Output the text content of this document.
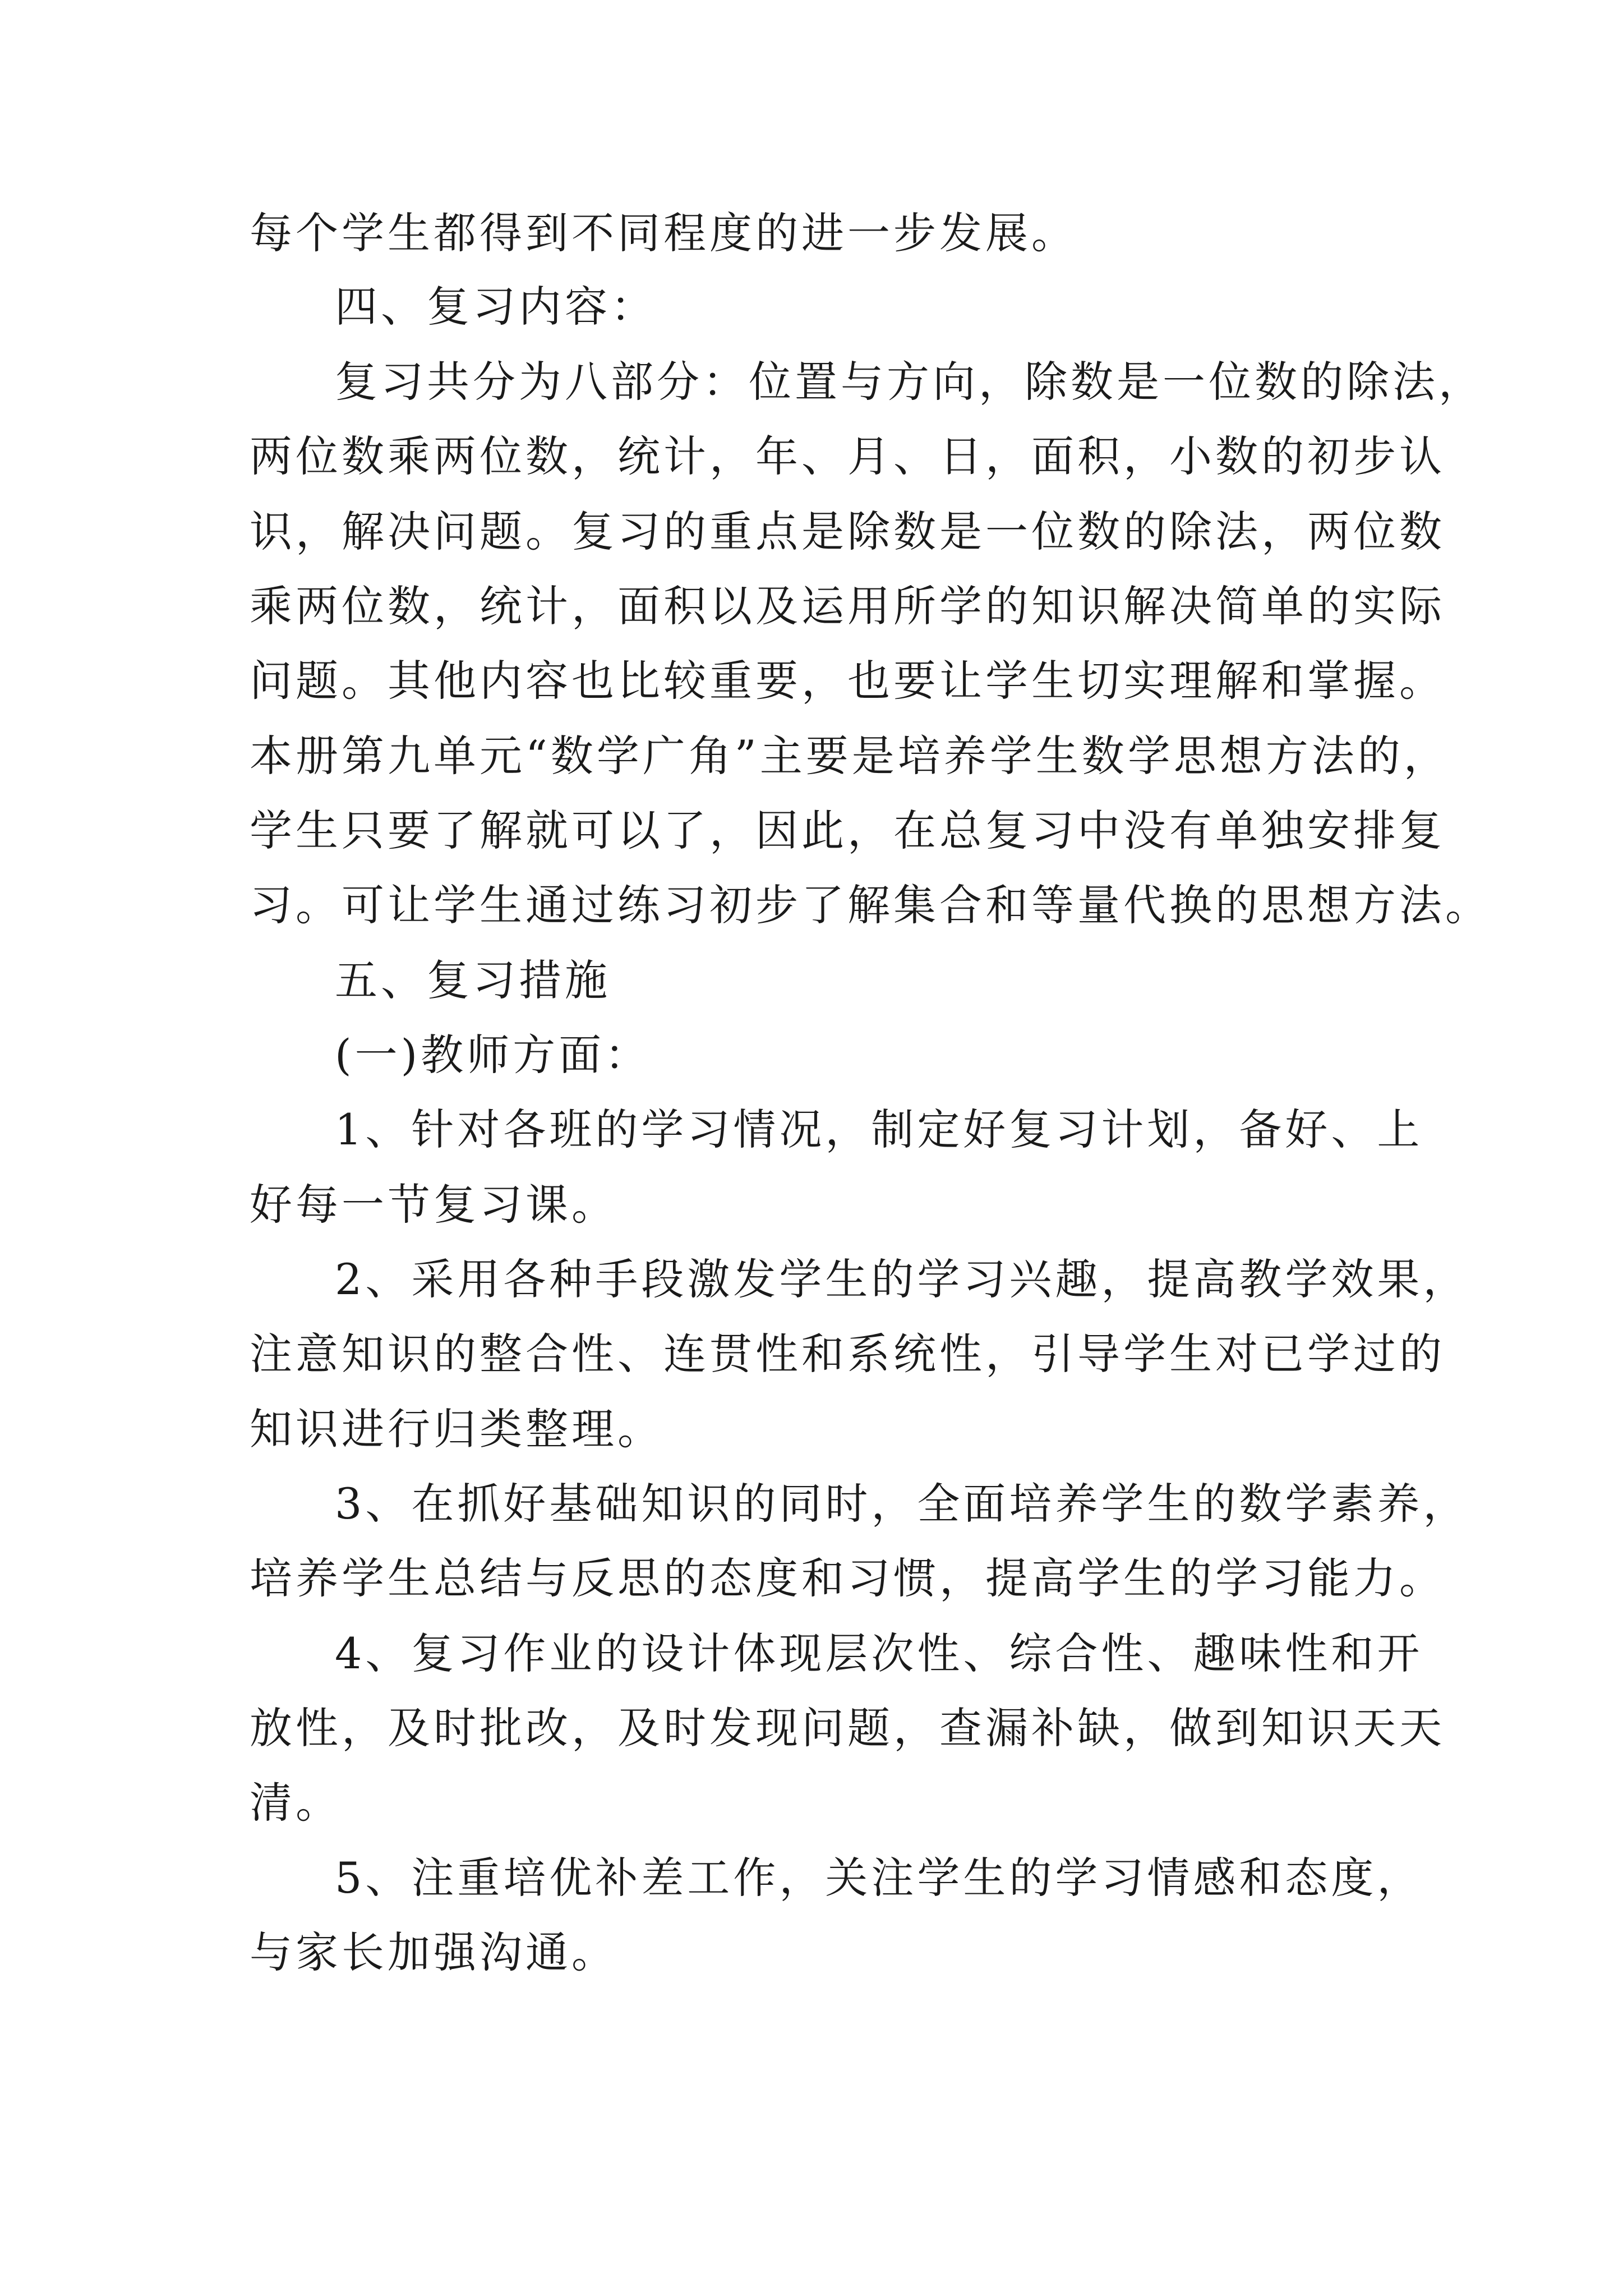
每个学生都得到不同程度的进一步发展。
四、复习内容：
复习共分为八部分：位置与方向，除数是一位数的除法，
两位数乘两位数，统计，年、月、日，面积，小数的初步认
识，解决问题。复习的重点是除数是一位数的除法，两位数
乘两位数，统计，面积以及运用所学的知识解决简单的实际
问题。其他内容也比较重要，也要让学生切实理解和掌握。
本册第九单元“数学广角”主要是培养学生数学思想方法的，
学生只要了解就可以了，因此，在总复习中没有单独安排复
习。可让学生通过练习初步了解集合和等量代换的思想方法。
五、复习措施
(一)教师方面：
1、针对各班的学习情况，制定好复习计划，备好、上
好每一节复习课。
2、采用各种手段激发学生的学习兴趣，提高教学效果，
注意知识的整合性、连贯性和系统性，引导学生对已学过的
知识进行归类整理。
3、在抓好基础知识的同时，全面培养学生的数学素养，
培养学生总结与反思的态度和习惯，提高学生的学习能力。
4、复习作业的设计体现层次性、综合性、趣味性和开
放性，及时批改，及时发现问题，查漏补缺，做到知识天天
清。
5、注重培优补差工作，关注学生的学习情感和态度，
与家长加强沟通。
